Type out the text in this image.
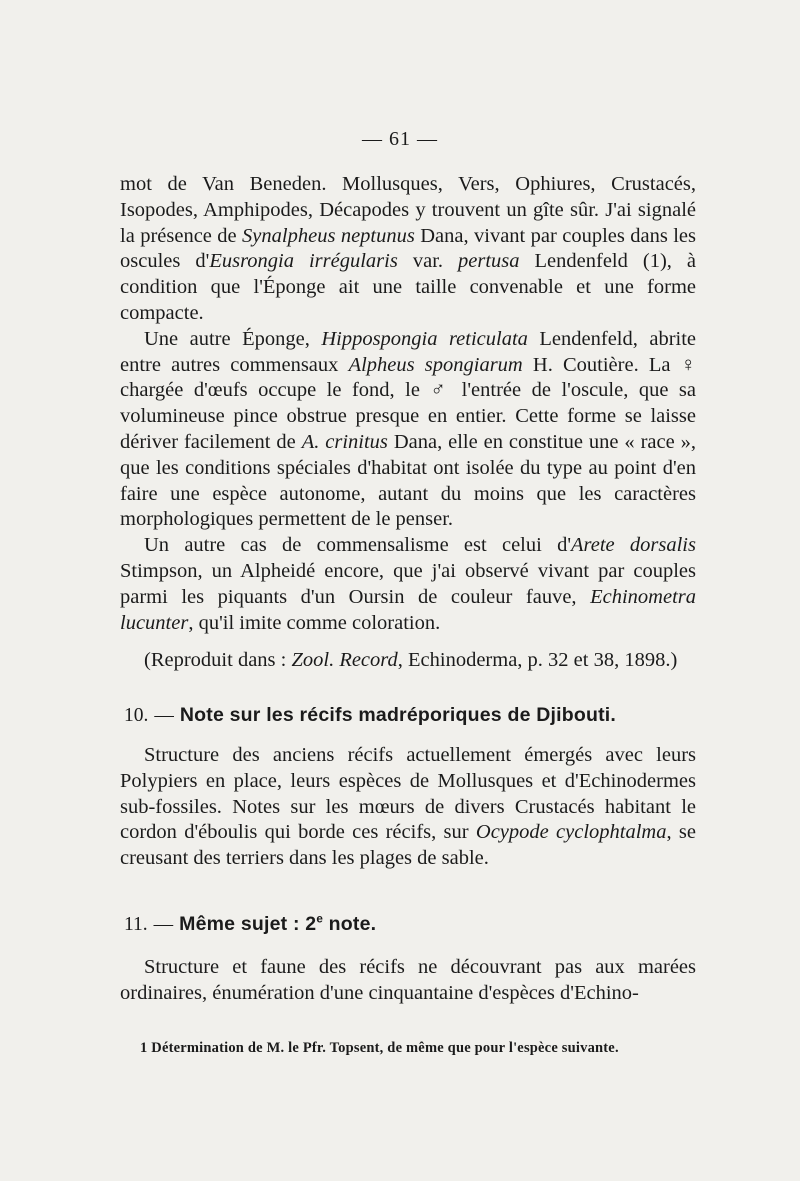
— 61 —

mot de Van Beneden. Mollusques, Vers, Ophiures, Crustacés, Isopodes, Amphipodes, Décapodes y trouvent un gîte sûr. J'ai signalé la présence de Synalpheus neptunus Dana, vivant par couples dans les oscules d'Eusrongia irrégularis var. pertusa Lendenfeld (1), à condition que l'Éponge ait une taille convenable et une forme compacte.

Une autre Éponge, Hippospongia reticulata Lendenfeld, abrite entre autres commensaux Alpheus spongiarum H. Coutière. La ♀ chargée d'œufs occupe le fond, le ♂ l'entrée de l'oscule, que sa volumineuse pince obstrue presque en entier. Cette forme se laisse dériver facilement de A. crinitus Dana, elle en constitue une « race », que les conditions spéciales d'habitat ont isolée du type au point d'en faire une espèce autonome, autant du moins que les caractères morphologiques permettent de le penser.

Un autre cas de commensalisme est celui d'Arete dorsalis Stimpson, un Alpheidé encore, que j'ai observé vivant par couples parmi les piquants d'un Oursin de couleur fauve, Echinometra lucunter, qu'il imite comme coloration.

(Reproduit dans : Zool. Record, Echinoderma, p. 32 et 38, 1898.)
10. — Note sur les récifs madréporiques de Djibouti.

Structure des anciens récifs actuellement émergés avec leurs Polypiers en place, leurs espèces de Mollusques et d'Echinodermes sub-fossiles. Notes sur les mœurs de divers Crustacés habitant le cordon d'éboulis qui borde ces récifs, sur Ocypode cyclophtalma, se creusant des terriers dans les plages de sable.

11. — Même sujet : 2e note.

Structure et faune des récifs ne découvrant pas aux marées ordinaires, énumération d'une cinquantaine d'espèces d'Echino-

1 Détermination de M. le Pfr. Topsent, de même que pour l'espèce suivante.
